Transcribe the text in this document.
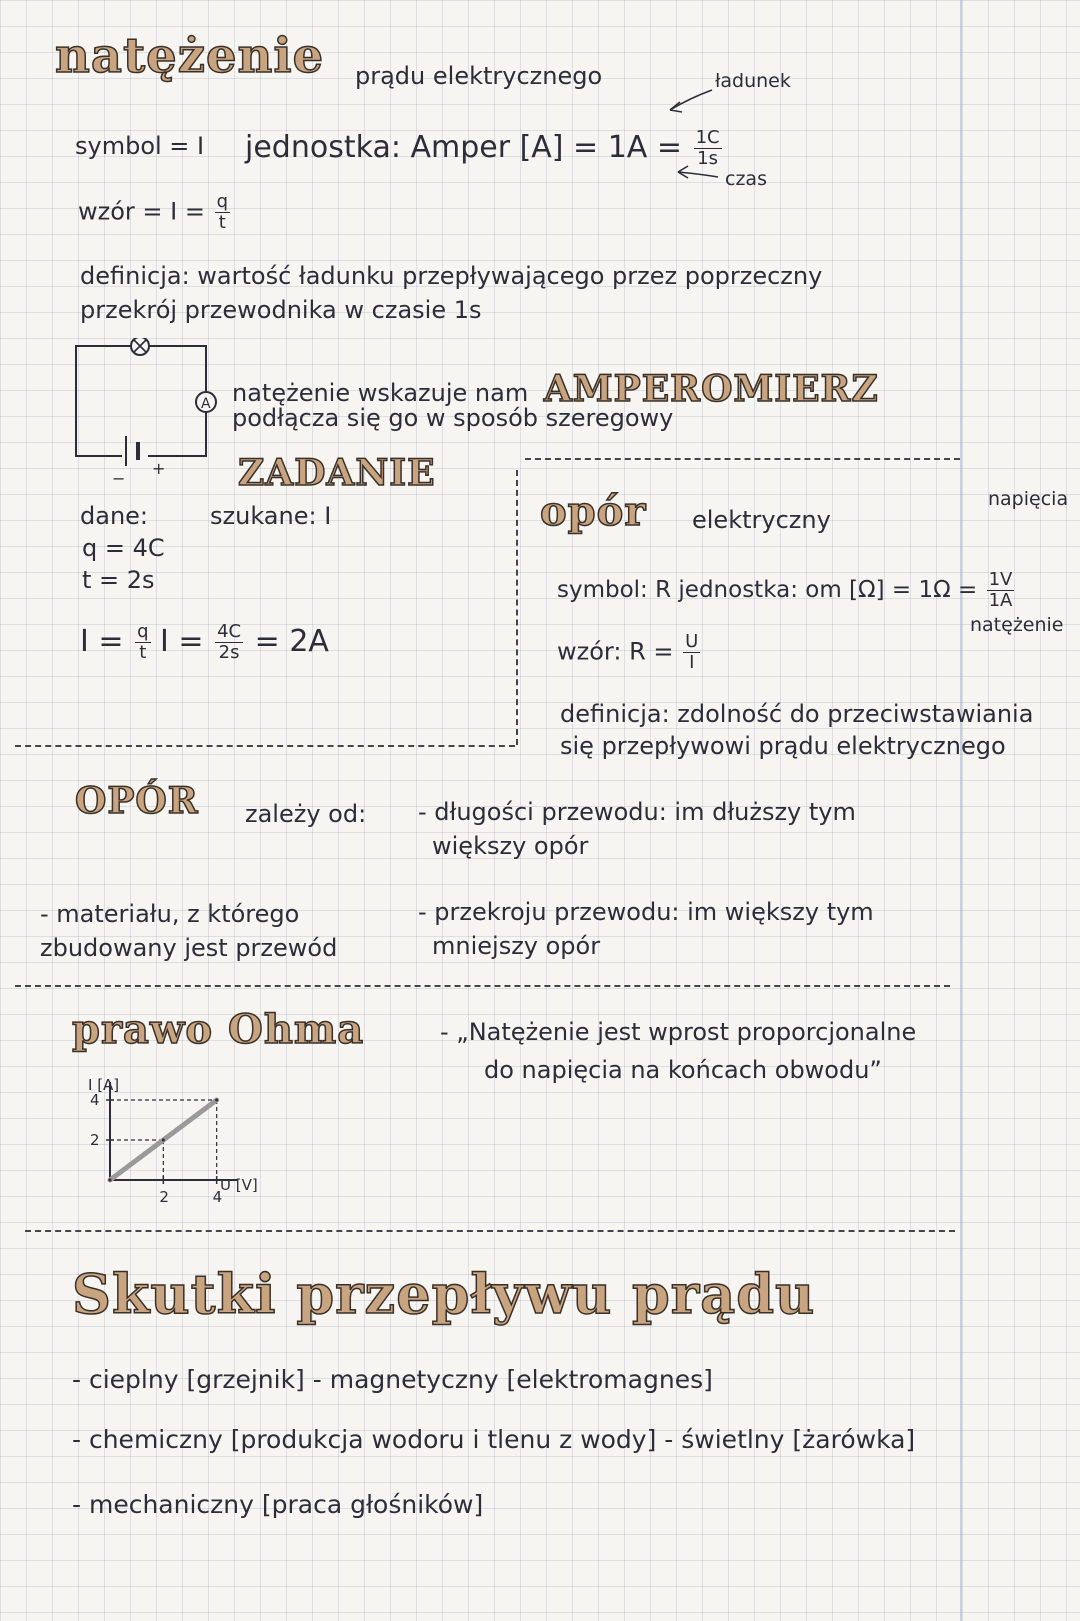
natężenie prądu elektrycznego	ładunek
czas
symbol = I jednostka: Amper $[A] = 1A = \frac{1C}{1s}$
wzór = $I = \frac{q}{t}$
definicja: wartość ładunku przepływającego przez poprzeczny
przekrój przewodnika w czasie 1s
A
−
+
natężenie wskazuje nam AMPEROMIERZ
podłącza się go w sposób szeregowy
ZADANIE
dane:	szukane: I
q = 4C
t = 2s
$I = \frac{q}{t}$ $I = \frac{4C}{2s} = 2A$
opór elektryczny
napięcia
symbol: R jednostka: om $[\Omega] = 1\Omega = \frac{1V}{1A}$
natężenie
wzór: $R = \frac{U}{I}$
definicja: zdolność do przeciwstawiania
się przepływowi prądu elektrycznego
OPÓR zależy od: - długości przewodu: im dłuższy tym
większy opór
- materiału, z którego
zbudowany jest przewód
- przekroju przewodu: im większy tym
mniejszy opór
prawo Ohma	- „Natężenie jest wprost proporcjonalne
do napięcia na końcach obwodu”
I [A]
U [V]
2	4
2
4
Skutki przepływu prądu
- cieplny [grzejnik] - magnetyczny [elektromagnes]
- chemiczny [produkcja wodoru i tlenu z wody] - świetlny [żarówka]
- mechaniczny [praca głośników]
